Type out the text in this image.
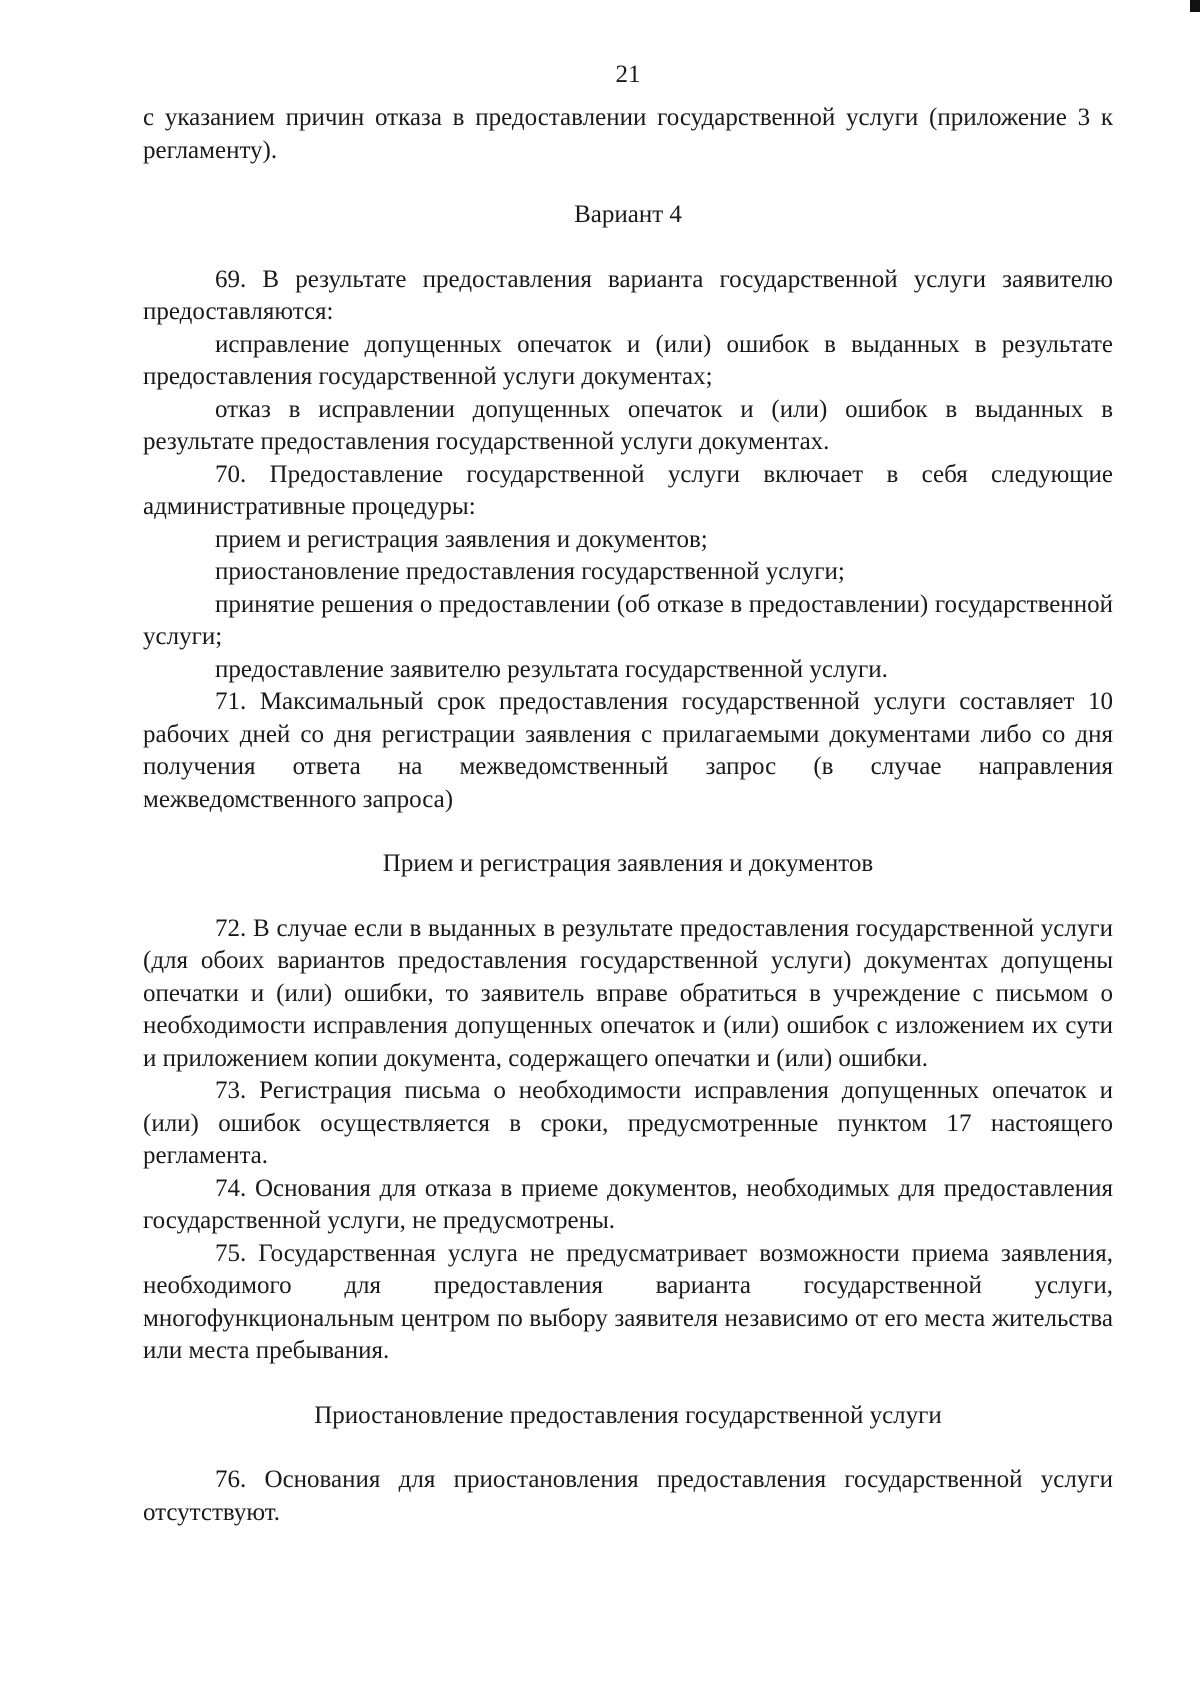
21

с указанием причин отказа в предоставлении государственной услуги (приложение 3 к регламенту).

Вариант 4

69. В результате предоставления варианта государственной услуги заявителю предоставляются:

исправление допущенных опечаток и (или) ошибок в выданных в результате предоставления государственной услуги документах;

отказ в исправлении допущенных опечаток и (или) ошибок в выданных в результате предоставления государственной услуги документах.

70. Предоставление государственной услуги включает в себя следующие административные процедуры:

прием и регистрация заявления и документов;

приостановление предоставления государственной услуги;

принятие решения о предоставлении (об отказе в предоставлении) государственной услуги;

предоставление заявителю результата государственной услуги.

71. Максимальный срок предоставления государственной услуги составляет 10 рабочих дней со дня регистрации заявления с прилагаемыми документами либо со дня получения ответа на межведомственный запрос (в случае направления межведомственного запроса)

Прием и регистрация заявления и документов

72. В случае если в выданных в результате предоставления государственной услуги (для обоих вариантов предоставления государственной услуги) документах допущены опечатки и (или) ошибки, то заявитель вправе обратиться в учреждение с письмом о необходимости исправления допущенных опечаток и (или) ошибок с изложением их сути и приложением копии документа, содержащего опечатки и (или) ошибки.

73. Регистрация письма о необходимости исправления допущенных опечаток и (или) ошибок осуществляется в сроки, предусмотренные пунктом 17 настоящего регламента.

74. Основания для отказа в приеме документов, необходимых для предоставления государственной услуги, не предусмотрены.

75. Государственная услуга не предусматривает возможности приема заявления, необходимого для предоставления варианта государственной услуги, многофункциональным центром по выбору заявителя независимо от его места жительства или места пребывания.

Приостановление предоставления государственной услуги

76. Основания для приостановления предоставления государственной услуги отсутствуют.
